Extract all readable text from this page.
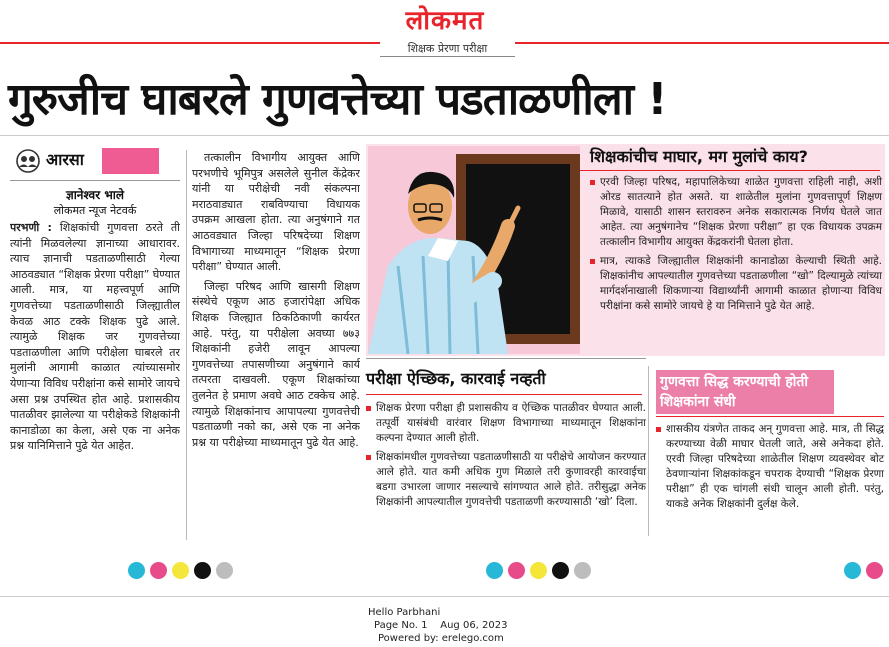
लोकमत
शिक्षक प्रेरणा परीक्षा
गुरुजीच घाबरले गुणवत्तेच्या पडताळणीला !
आरसा
ज्ञानेश्वर भाले
लोकमत न्यूज नेटवर्क
परभणी : शिक्षकांची गुणवत्ता ठरते ती त्यांनी मिळवलेल्या ज्ञानाच्या आधारावर. त्याच ज्ञानाची पडताळणीसाठी गेल्या आठवड्यात “शिक्षक प्रेरणा परीक्षा” घेण्यात आली. मात्र, या महत्त्वपूर्ण आणि गुणवत्तेच्या पडताळणीसाठी जिल्ह्यातील केवळ आठ टक्के शिक्षक पुढे आले. त्यामुळे शिक्षक जर गुणवत्तेच्या पडताळणीला आणि परीक्षेला घाबरले तर मुलांनी आगामी काळात त्यांच्यासमोर येणाऱ्या विविध परीक्षांना कसे सामोरे जायचे असा प्रश्न उपस्थित होत आहे. प्रशासकीय पातळीवर झालेल्या या परीक्षेकडे शिक्षकांनी कानाडोळा का केला, असे एक ना अनेक प्रश्न यानिमित्ताने पुढे येत आहेत.
तत्कालीन विभागीय आयुक्त आणि परभणीचे भूमिपुत्र असलेले सुनील केंद्रेकर यांनी या परीक्षेची नवी संकल्पना मराठवाड्यात राबविण्याचा विधायक उपक्रम आखला होता. त्या अनुषंगाने गत आठवड्यात जिल्हा परिषदेच्या शिक्षण विभागाच्या माध्यमातून “शिक्षक प्रेरणा परीक्षा” घेण्यात आली.
जिल्हा परिषद आणि खासगी शिक्षण संस्थेचे एकूण आठ हजारांपेक्षा अधिक शिक्षक जिल्ह्यात ठिकठिकाणी कार्यरत आहे. परंतु, या परीक्षेला अवघ्या ७७३ शिक्षकांनी हजेरी लावून आपल्या गुणवत्तेच्या तपासणीच्या अनुषंगाने कार्य तत्परता दाखवली. एकूण शिक्षकांच्या तुलनेत हे प्रमाण अवघे आठ टक्केच आहे. त्यामुळे शिक्षकांनाच आपापल्या गुणवत्तेची पडताळणी नको का, असे एक ना अनेक प्रश्न या परीक्षेच्या माध्यमातून पुढे येत आहे.
शिक्षकांचीच माघार, मग मुलांचे काय?
एरवी जिल्हा परिषद, महापालिकेच्या शाळेत गुणवत्ता राहिली नाही, अशी ओरड सातत्याने होत असते. या शाळेतील मुलांना गुणवत्तापूर्ण शिक्षण मिळावे, यासाठी शासन स्तरावरुन अनेक सकारात्मक निर्णय घेतले जात आहेत. त्या अनुषंगानेच “शिक्षक प्रेरणा परीक्षा” हा एक विधायक उपक्रम तत्कालीन विभागीय आयुक्त केंद्रकरांनी घेतला होता.
मात्र, त्याकडे जिल्ह्यातील शिक्षकांनी कानाडोळा केल्याची स्थिती आहे. शिक्षकांनीच आपल्यातील गुणवत्तेच्या पडताळणीला “खो” दिल्यामुळे त्यांच्या मार्गदर्शनाखाली शिकणाऱ्या विद्यार्थ्यांनी आगामी काळात होणाऱ्या विविध परीक्षांना कसे सामोरे जायचे हे या निमित्ताने पुढे येत आहे.
परीक्षा ऐच्छिक, कारवाई नव्हती
शिक्षक प्रेरणा परीक्षा ही प्रशासकीय व ऐच्छिक पातळीवर घेण्यात आली. तत्पूर्वी यासंबंधी वारंवार शिक्षण विभागाच्या माध्यमातून शिक्षकांना कल्पना देण्यात आली होती.
शिक्षकांमधील गुणवत्तेच्या पडताळणीसाठी या परीक्षेचे आयोजन करण्यात आले होते. यात कमी अधिक गुण मिळाले तरी कुणावरही कारवाईचा बडगा उभारला जाणार नसल्याचे सांगण्यात आले होते. तरीसुद्धा अनेक शिक्षकांनी आपल्यातील गुणवत्तेची पडताळणी करण्यासाठी ‘खो’ दिला.
गुणवत्ता सिद्ध करण्याची होती शिक्षकांना संधी
शासकीय यंत्रणेत ताकद अन् गुणवत्ता आहे. मात्र, ती सिद्ध करण्याच्या वेळी माघार घेतली जाते, असे अनेकदा होते. एरवी जिल्हा परिषदेच्या शाळेतील शिक्षण व्यवस्थेवर बोट ठेवणाऱ्यांना शिक्षकांकडून चपराक देण्याची “शिक्षक प्रेरणा परीक्षा” ही एक चांगली संधी चालून आली होती. परंतु, याकडे अनेक शिक्षकांनी दुर्लक्ष केले.
Hello Parbhani
Page No. 1    Aug 06, 2023
Powered by: erelego.com
